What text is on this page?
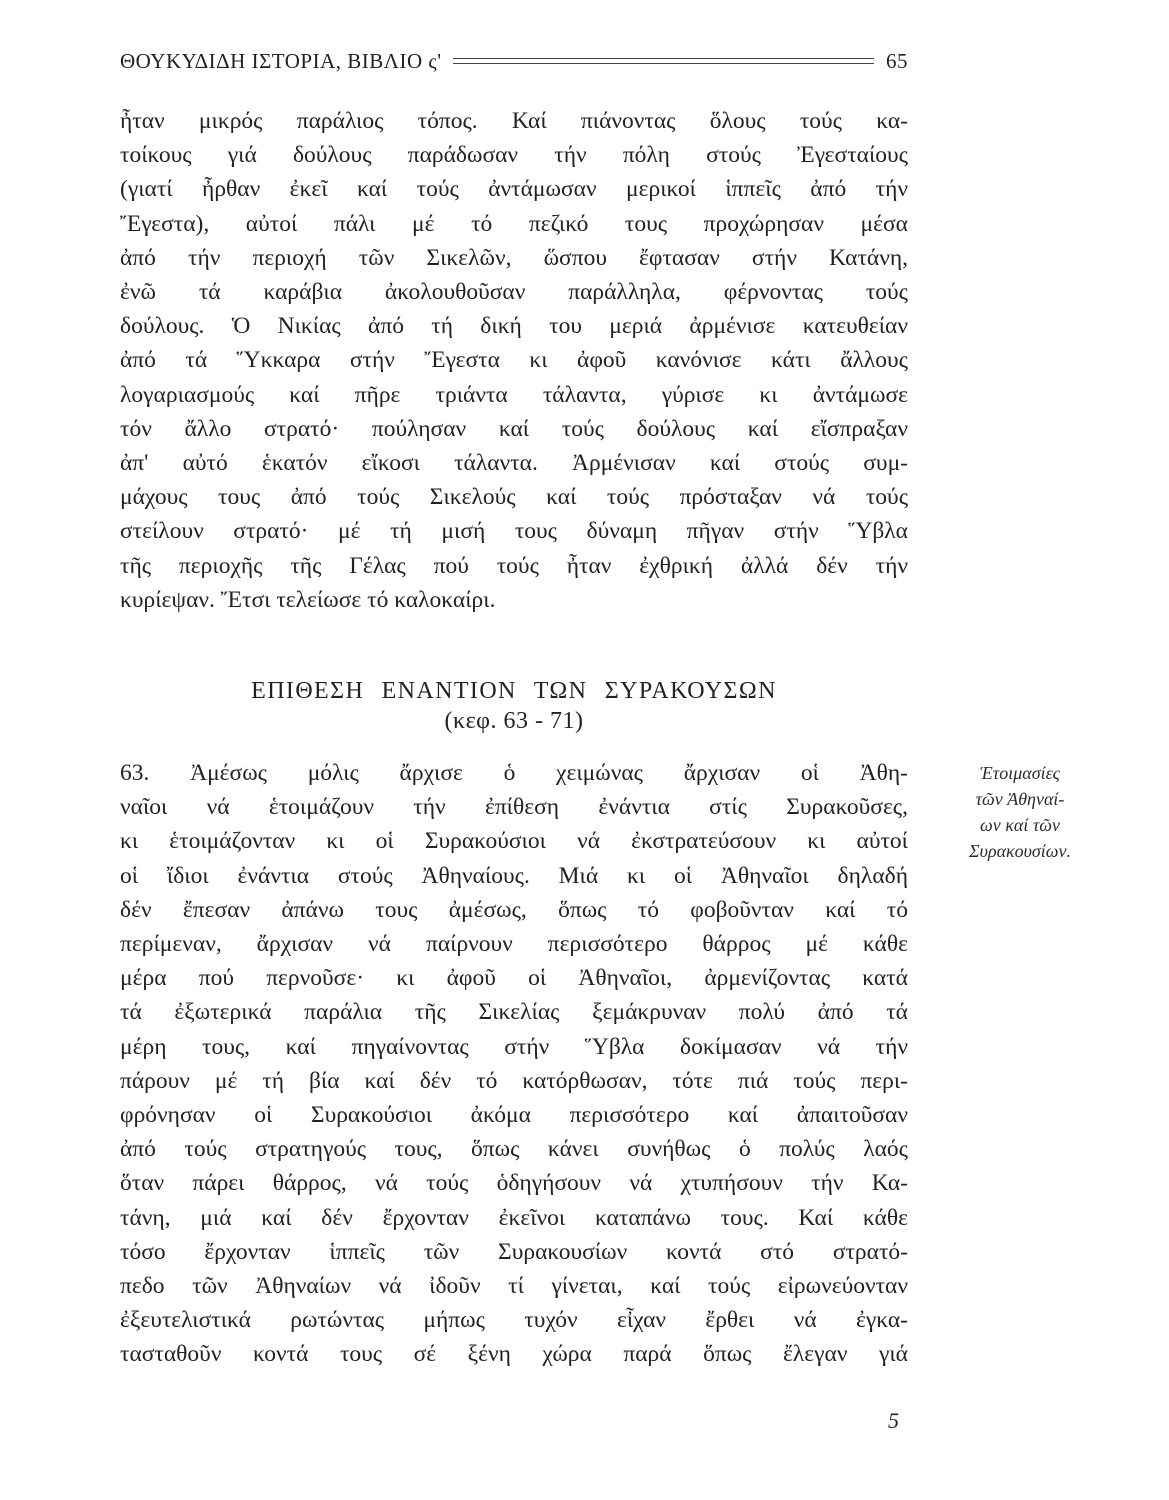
ΘΟΥΚΥΔΙΔΗ ΙΣΤΟΡΙΑ, ΒΙΒΛΙΟ ς'	65
ἦταν μικρός παράλιος τόπος. Καί πιάνοντας ὅλους τούς κα-
τοίκους γιά δούλους παράδωσαν τήν πόλη στούς Ἐγεσταίους
(γιατί ἦρθαν ἐκεῖ καί τούς ἀντάμωσαν μερικοί ἱππεῖς ἀπό τήν
Ἔγεστα), αὐτοί πάλι μέ τό πεζικό τους προχώρησαν μέσα
ἀπό τήν περιοχή τῶν Σικελῶν, ὥσπου ἔφτασαν στήν Κατάνη,
ἐνῶ τά καράβια ἀκολουθοῦσαν παράλληλα, φέρνοντας τούς
δούλους. Ὁ Νικίας ἀπό τή δική του μεριά ἀρμένισε κατευθείαν
ἀπό τά Ὕκκαρα στήν Ἔγεστα κι ἀφοῦ κανόνισε κάτι ἄλλους
λογαριασμούς καί πῆρε τριάντα τάλαντα, γύρισε κι ἀντάμωσε
τόν ἄλλο στρατό· πούλησαν καί τούς δούλους καί εἴσπραξαν
ἀπ' αὐτό ἑκατόν εἴκοσι τάλαντα. Ἀρμένισαν καί στούς συμ-
μάχους τους ἀπό τούς Σικελούς καί τούς πρόσταξαν νά τούς
στείλουν στρατό· μέ τή μισή τους δύναμη πῆγαν στήν Ὕβλα
τῆς περιοχῆς τῆς Γέλας πού τούς ἦταν ἐχθρική ἀλλά δέν τήν
κυρίεψαν. Ἔτσι τελείωσε τό καλοκαίρι.
ΕΠΙΘΕΣΗ ΕΝΑΝΤΙΟΝ ΤΩΝ ΣΥΡΑΚΟΥΣΩΝ
(κεφ. 63 - 71)
63. Ἀμέσως μόλις ἄρχισε ὁ χειμώνας ἄρχισαν οἱ Ἀθη-
ναῖοι νά ἑτοιμάζουν τήν ἐπίθεση ἐνάντια στίς Συρακοῦσες,
κι ἑτοιμάζονταν κι οἱ Συρακούσιοι νά ἐκστρατεύσουν κι αὐτοί
οἱ ἴδιοι ἐνάντια στούς Ἀθηναίους. Μιά κι οἱ Ἀθηναῖοι δηλαδή
δέν ἔπεσαν ἀπάνω τους ἀμέσως, ὅπως τό φοβοῦνταν καί τό
περίμεναν, ἄρχισαν νά παίρνουν περισσότερο θάρρος μέ κάθε
μέρα πού περνοῦσε· κι ἀφοῦ οἱ Ἀθηναῖοι, ἀρμενίζοντας κατά
τά ἐξωτερικά παράλια τῆς Σικελίας ξεμάκρυναν πολύ ἀπό τά
μέρη τους, καί πηγαίνοντας στήν Ὕβλα δοκίμασαν νά τήν
πάρουν μέ τή βία καί δέν τό κατόρθωσαν, τότε πιά τούς περι-
φρόνησαν οἱ Συρακούσιοι ἀκόμα περισσότερο καί ἀπαιτοῦσαν
ἀπό τούς στρατηγούς τους, ὅπως κάνει συνήθως ὁ πολύς λαός
ὅταν πάρει θάρρος, νά τούς ὁδηγήσουν νά χτυπήσουν τήν Κα-
τάνη, μιά καί δέν ἔρχονταν ἐκεῖνοι καταπάνω τους. Καί κάθε
τόσο ἔρχονταν ἱππεῖς τῶν Συρακουσίων κοντά στό στρατό-
πεδο τῶν Ἀθηναίων νά ἰδοῦν τί γίνεται, καί τούς εἰρωνεύονταν
ἐξευτελιστικά ρωτώντας μήπως τυχόν εἶχαν ἔρθει νά ἐγκα-
τασταθοῦν κοντά τους σέ ξένη χώρα παρά ὅπως ἔλεγαν γιά
Ἑτοιμασίες
τῶν Ἀθηναί-
ων καί τῶν
Συρακουσίων.
5
